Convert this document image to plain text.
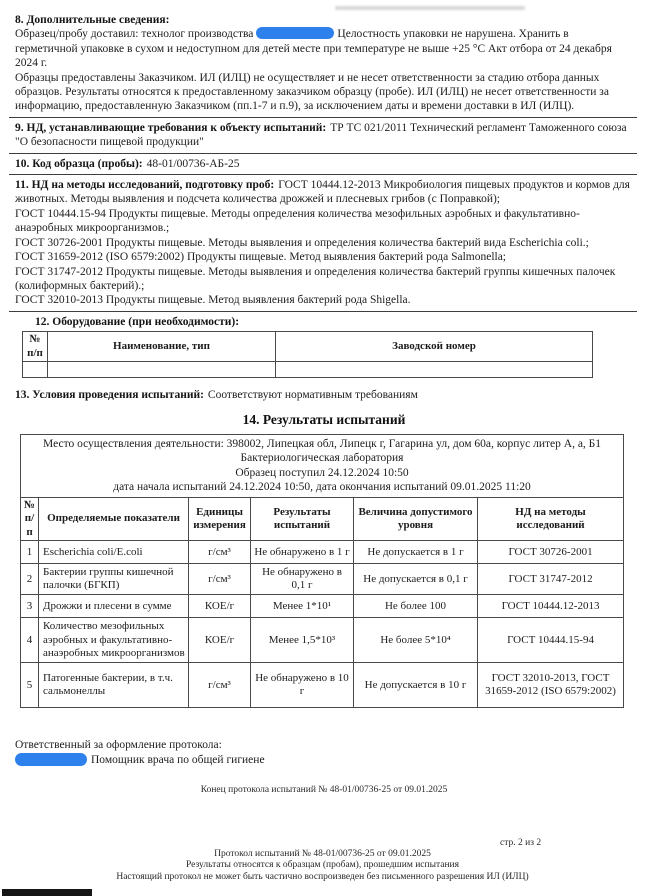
8. Дополнительные сведения:
Образец/пробу доставил: технолог производства	Целостность упаковки не нарушена. Хранить в герметичной упаковке в сухом и недоступном для детей месте при температуре не выше +25 °С Акт отбора от 24 декабря 2024 г.
Образцы предоставлены Заказчиком. ИЛ (ИЛЦ) не осуществляет и не несет ответственности за стадию отбора данных образцов. Результаты относятся к предоставленному заказчиком образцу (пробе). ИЛ (ИЛЦ) не несет ответственности за информацию, предоставленную Заказчиком (пп.1-7 и п.9), за исключением даты и времени доставки в ИЛ (ИЛЦ).
9. НД, устанавливающие требования к объекту испытаний: ТР ТС 021/2011 Технический регламент Таможенного союза "О безопасности пищевой продукции"
10. Код образца (пробы): 48-01/00736-АБ-25
11. НД на методы исследований, подготовку проб: ГОСТ 10444.12-2013 Микробиология пищевых продуктов и кормов для животных. Методы выявления и подсчета количества дрожжей и плесневых грибов (с Поправкой);
ГОСТ 10444.15-94 Продукты пищевые. Методы определения количества мезофильных аэробных и факультативно-анаэробных микроорганизмов.;
ГОСТ 30726-2001 Продукты пищевые. Методы выявления и определения количества бактерий вида Escherichia coli.;
ГОСТ 31659-2012 (ISO 6579:2002) Продукты пищевые. Метод выявления бактерий рода Salmonella;
ГОСТ 31747-2012 Продукты пищевые. Методы выявления и определения количества бактерий группы кишечных палочек (колиформных бактерий).;
ГОСТ 32010-2013 Продукты пищевые. Метод выявления бактерий рода Shigella.
12. Оборудование (при необходимости):
№ п/п	Наименование, тип	Заводской номер

13. Условия проведения испытаний: Соответствуют нормативным требованиям
14. Результаты испытаний
Место осуществления деятельности: 398002, Липецкая обл, Липецк г, Гагарина ул, дом 60а, корпус литер А, а, Б1
Бактериологическая лаборатория
Образец поступил 24.12.2024 10:50
дата начала испытаний 24.12.2024 10:50, дата окончания испытаний 09.01.2025 11:20					

№ п/п	Определяемые показатели	Единицы измерения	Результаты испытаний	Величина допустимого уровня	НД на методы исследований
1	Escherichia coli/E.coli	г/см³	Не обнаружено в 1 г	Не допускается в 1 г	ГОСТ 30726-2001
2	Бактерии группы кишечной палочки (БГКП)	г/см³	Не обнаружено в 0,1 г	Не допускается в 0,1 г	ГОСТ 31747-2012
3	Дрожжи и плесени в сумме	КОЕ/г	Менее 1*10¹	Не более 100	ГОСТ 10444.12-2013
4	Количество мезофильных аэробных и факультативно-анаэробных микроорганизмов	КОЕ/г	Менее 1,5*10³	Не более 5*10⁴	ГОСТ 10444.15-94
5	Патогенные бактерии, в т.ч. сальмонеллы	г/см³	Не обнаружено в 10 г	Не допускается в 10 г	ГОСТ 32010-2013, ГОСТ 31659-2012 (ISO 6579:2002)
Ответственный за оформление протокола:
Помощник врача по общей гигиене
Конец протокола испытаний № 48-01/00736-25 от 09.01.2025
стр. 2 из 2
Протокол испытаний № 48-01/00736-25 от 09.01.2025
Результаты относятся к образцам (пробам), прошедшим испытания
Настоящий протокол не может быть частично воспроизведен без письменного разрешения ИЛ (ИЛЦ)
